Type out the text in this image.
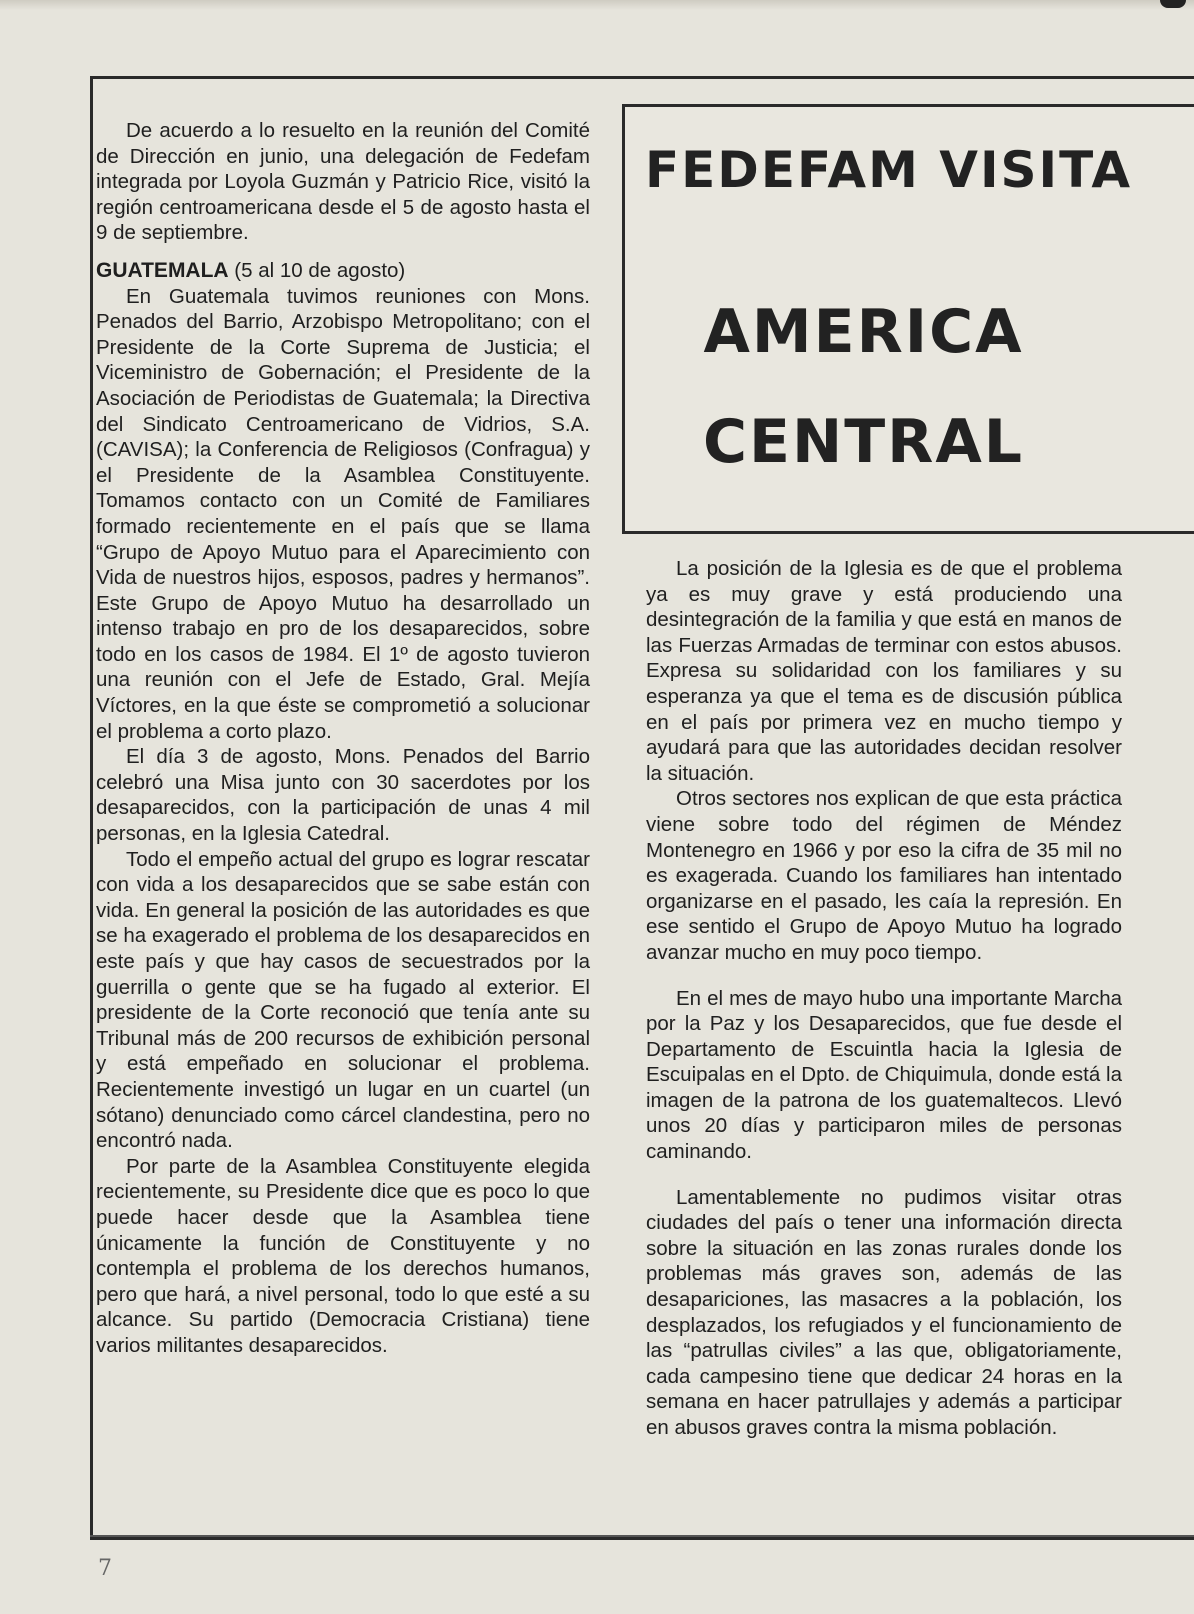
De acuerdo a lo resuelto en la reunión del Comité de Dirección en junio, una delegación de Fedefam integrada por Loyola Guzmán y Patricio Rice, visitó la región centroamericana desde el 5 de agosto hasta el 9 de septiembre.

GUATEMALA (5 al 10 de agosto)

En Guatemala tuvimos reuniones con Mons. Penados del Barrio, Arzobispo Metropolitano; con el Presidente de la Corte Suprema de Justicia; el Viceministro de Gobernación; el Presidente de la Asociación de Periodistas de Guatemala; la Directiva del Sindicato Centroamericano de Vidrios, S.A. (CAVISA); la Conferencia de Religiosos (Confragua) y el Presidente de la Asamblea Constituyente. Tomamos contacto con un Comité de Familiares formado recientemente en el país que se llama “Grupo de Apoyo Mutuo para el Aparecimiento con Vida de nuestros hijos, esposos, padres y hermanos”. Este Grupo de Apoyo Mutuo ha desarrollado un intenso trabajo en pro de los desaparecidos, sobre todo en los casos de 1984. El 1º de agosto tuvieron una reunión con el Jefe de Estado, Gral. Mejía Víctores, en la que éste se comprometió a solucionar el problema a corto plazo.

El día 3 de agosto, Mons. Penados del Barrio celebró una Misa junto con 30 sacerdotes por los desaparecidos, con la participación de unas 4 mil personas, en la Iglesia Catedral.

Todo el empeño actual del grupo es lograr rescatar con vida a los desaparecidos que se sabe están con vida. En general la posición de las autoridades es que se ha exagerado el problema de los desaparecidos en este país y que hay casos de secuestrados por la guerrilla o gente que se ha fugado al exterior. El presidente de la Corte reconoció que tenía ante su Tribunal más de 200 recursos de exhibición personal y está empeñado en solucionar el problema. Recientemente investigó un lugar en un cuartel (un sótano) denunciado como cárcel clandestina, pero no encontró nada.

Por parte de la Asamblea Constituyente elegida recientemente, su Presidente dice que es poco lo que puede hacer desde que la Asamblea tiene únicamente la función de Constituyente y no contempla el problema de los derechos humanos, pero que hará, a nivel personal, todo lo que esté a su alcance. Su partido (Democracia Cristiana) tiene varios militantes desaparecidos.

FEDEFAM VISITA
AMERICA
CENTRAL

La posición de la Iglesia es de que el problema ya es muy grave y está produciendo una desintegración de la familia y que está en manos de las Fuerzas Armadas de terminar con estos abusos. Expresa su solidaridad con los familiares y su esperanza ya que el tema es de discusión pública en el país por primera vez en mucho tiempo y ayudará para que las autoridades decidan resolver la situación.

Otros sectores nos explican de que esta práctica viene sobre todo del régimen de Méndez Montenegro en 1966 y por eso la cifra de 35 mil no es exagerada. Cuando los familiares han intentado organizarse en el pasado, les caía la represión. En ese sentido el Grupo de Apoyo Mutuo ha logrado avanzar mucho en muy poco tiempo.

En el mes de mayo hubo una importante Marcha por la Paz y los Desaparecidos, que fue desde el Departamento de Escuintla hacia la Iglesia de Escuipalas en el Dpto. de Chiquimula, donde está la imagen de la patrona de los guatemaltecos. Llevó unos 20 días y participaron miles de personas caminando.

Lamentablemente no pudimos visitar otras ciudades del país o tener una información directa sobre la situación en las zonas rurales donde los problemas más graves son, además de las desapariciones, las masacres a la población, los desplazados, los refugiados y el funcionamiento de las “patrullas civiles” a las que, obligatoriamente, cada campesino tiene que dedicar 24 horas en la semana en hacer patrullajes y además a participar en abusos graves contra la misma población.

7
